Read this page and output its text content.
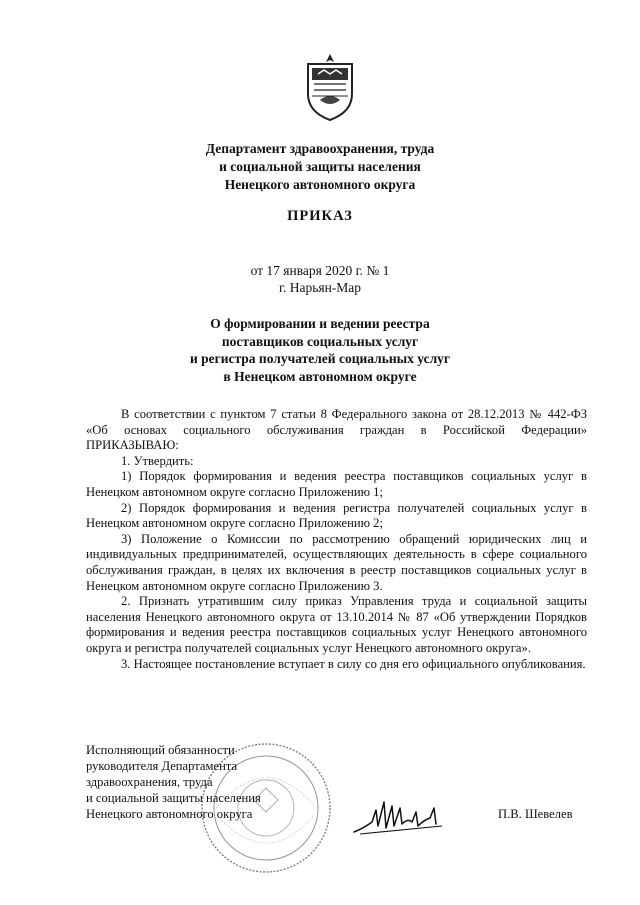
Департамент здравоохранения, труда
и социальной защиты населения
Ненецкого автономного округа
ПРИКАЗ
от 17 января 2020 г. № 1
г. Нарьян-Мар
О формировании и ведении реестра
поставщиков социальных услуг
и регистра получателей социальных услуг
в Ненецком автономном округе

В соответствии с пунктом 7 статьи 8 Федерального закона от 28.12.2013 № 442-ФЗ «Об основах социального обслуживания граждан в Российской Федерации» ПРИКАЗЫВАЮ:

1. Утвердить:

1) Порядок формирования и ведения реестра поставщиков социальных услуг в Ненецком автономном округе согласно Приложению 1;

2) Порядок формирования и ведения регистра получателей социальных услуг в Ненецком автономном округе согласно Приложению 2;

3) Положение о Комиссии по рассмотрению обращений юридических лиц и индивидуальных предпринимателей, осуществляющих деятельность в сфере социального обслуживания граждан, в целях их включения в реестр поставщиков социальных услуг в Ненецком автономном округе согласно Приложению 3.

2. Признать утратившим силу приказ Управления труда и социальной защиты населения Ненецкого автономного округа от 13.10.2014 № 87 «Об утверждении Порядков формирования и ведения реестра поставщиков социальных услуг Ненецкого автономного округа и регистра получателей социальных услуг Ненецкого автономного округа».

3. Настоящее постановление вступает в силу со дня его официального опубликования.

Исполняющий обязанности
руководителя Департамента
здравоохранения, труда
и социальной защиты населения
Ненецкого автономного округа	П.В. Шевелев
